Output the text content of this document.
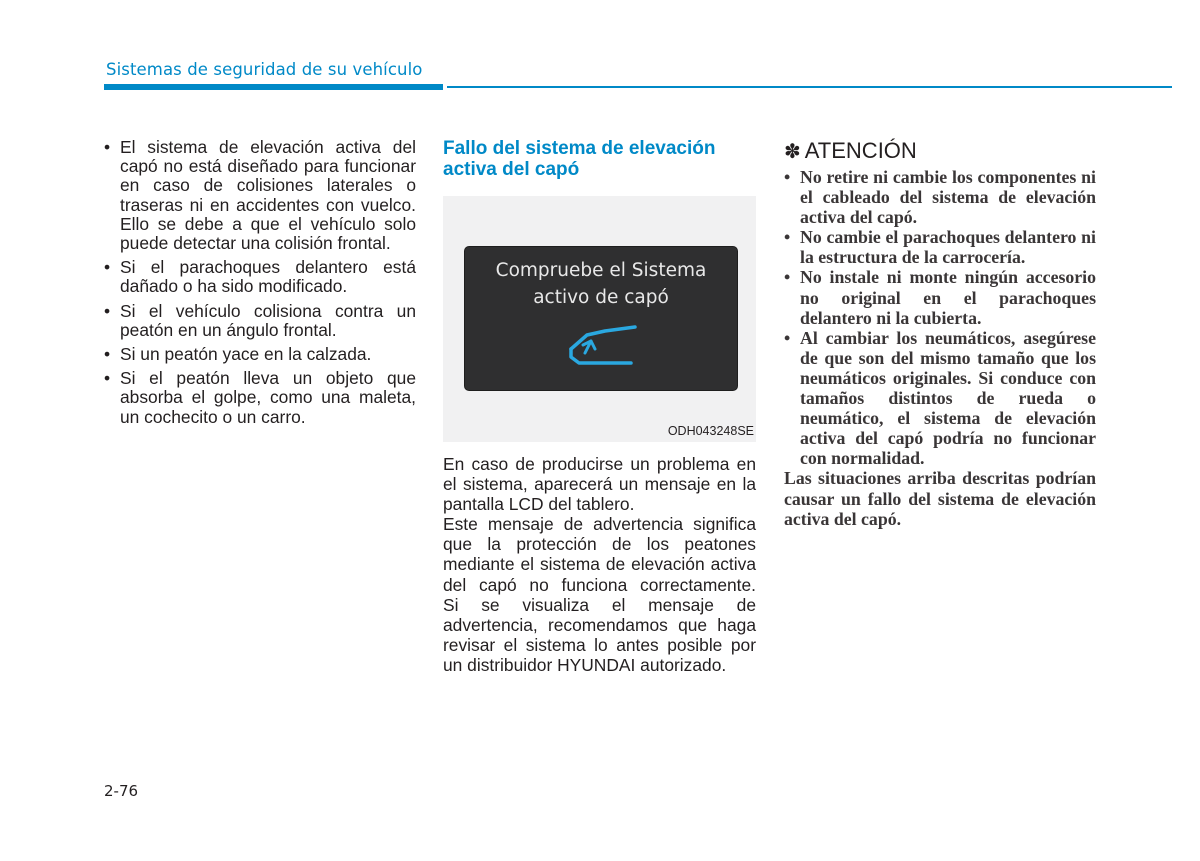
Sistemas de seguridad de su vehículo
• El sistema de elevación activa del capó no está diseñado para funcionar en caso de colisiones laterales o traseras ni en accidentes con vuelco. Ello se debe a que el vehículo solo puede detectar una colisión frontal.
• Si el parachoques delantero está dañado o ha sido modificado.
• Si el vehículo colisiona contra un peatón en un ángulo frontal.
• Si un peatón yace en la calzada.
• Si el peatón lleva un objeto que absorba el golpe, como una maleta, un cochecito o un carro.
Fallo del sistema de elevación
activa del capó
Compruebe el Sistema
activo de capó
ODH043248SE

En caso de producirse un problema en el sistema, aparecerá un mensaje en la pantalla LCD del tablero.

Este mensaje de advertencia significa que la protección de los peatones mediante el sistema de elevación activa del capó no funciona correctamente.

Si se visualiza el mensaje de advertencia, recomendamos que haga revisar el sistema lo antes posible por un distribuidor HYUNDAI autorizado.

✽ ATENCIÓN
• No retire ni cambie los componentes ni el cableado del sistema de elevación activa del capó.
• No cambie el parachoques delantero ni la estructura de la carrocería.
• No instale ni monte ningún accesorio no original en el parachoques delantero ni la cubierta.
• Al cambiar los neumáticos, asegúrese de que son del mismo tamaño que los neumáticos originales. Si conduce con tamaños distintos de rueda o neumático, el sistema de elevación activa del capó podría no funcionar con normalidad.

Las situaciones arriba descritas podrían causar un fallo del sistema de elevación activa del capó.

2-76
